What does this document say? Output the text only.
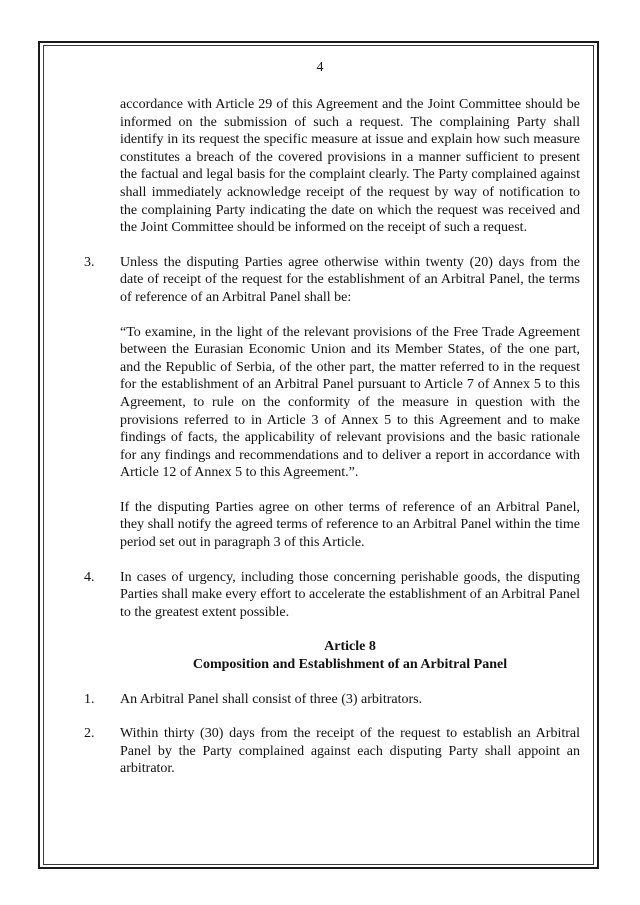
4

accordance with Article 29 of this Agreement and the Joint Committee should be informed on the submission of such a request. The complaining Party shall identify in its request the specific measure at issue and explain how such measure constitutes a breach of the covered provisions in a manner sufficient to present the factual and legal basis for the complaint clearly. The Party complained against shall immediately acknowledge receipt of the request by way of notification to the complaining Party indicating the date on which the request was received and the Joint Committee should be informed on the receipt of such a request.

3. Unless the disputing Parties agree otherwise within twenty (20) days from the date of receipt of the request for the establishment of an Arbitral Panel, the terms of reference of an Arbitral Panel shall be:

“To examine, in the light of the relevant provisions of the Free Trade Agreement between the Eurasian Economic Union and its Member States, of the one part, and the Republic of Serbia, of the other part, the matter referred to in the request for the establishment of an Arbitral Panel pursuant to Article 7 of Annex 5 to this Agreement, to rule on the conformity of the measure in question with the provisions referred to in Article 3 of Annex 5 to this Agreement and to make findings of facts, the applicability of relevant provisions and the basic rationale for any findings and recommendations and to deliver a report in accordance with Article 12 of Annex 5 to this Agreement.”.

If the disputing Parties agree on other terms of reference of an Arbitral Panel, they shall notify the agreed terms of reference to an Arbitral Panel within the time period set out in paragraph 3 of this Article.

4. In cases of urgency, including those concerning perishable goods, the disputing Parties shall make every effort to accelerate the establishment of an Arbitral Panel to the greatest extent possible.

Article 8

Composition and Establishment of an Arbitral Panel

1. An Arbitral Panel shall consist of three (3) arbitrators.

2. Within thirty (30) days from the receipt of the request to establish an Arbitral Panel by the Party complained against each disputing Party shall appoint an arbitrator.
